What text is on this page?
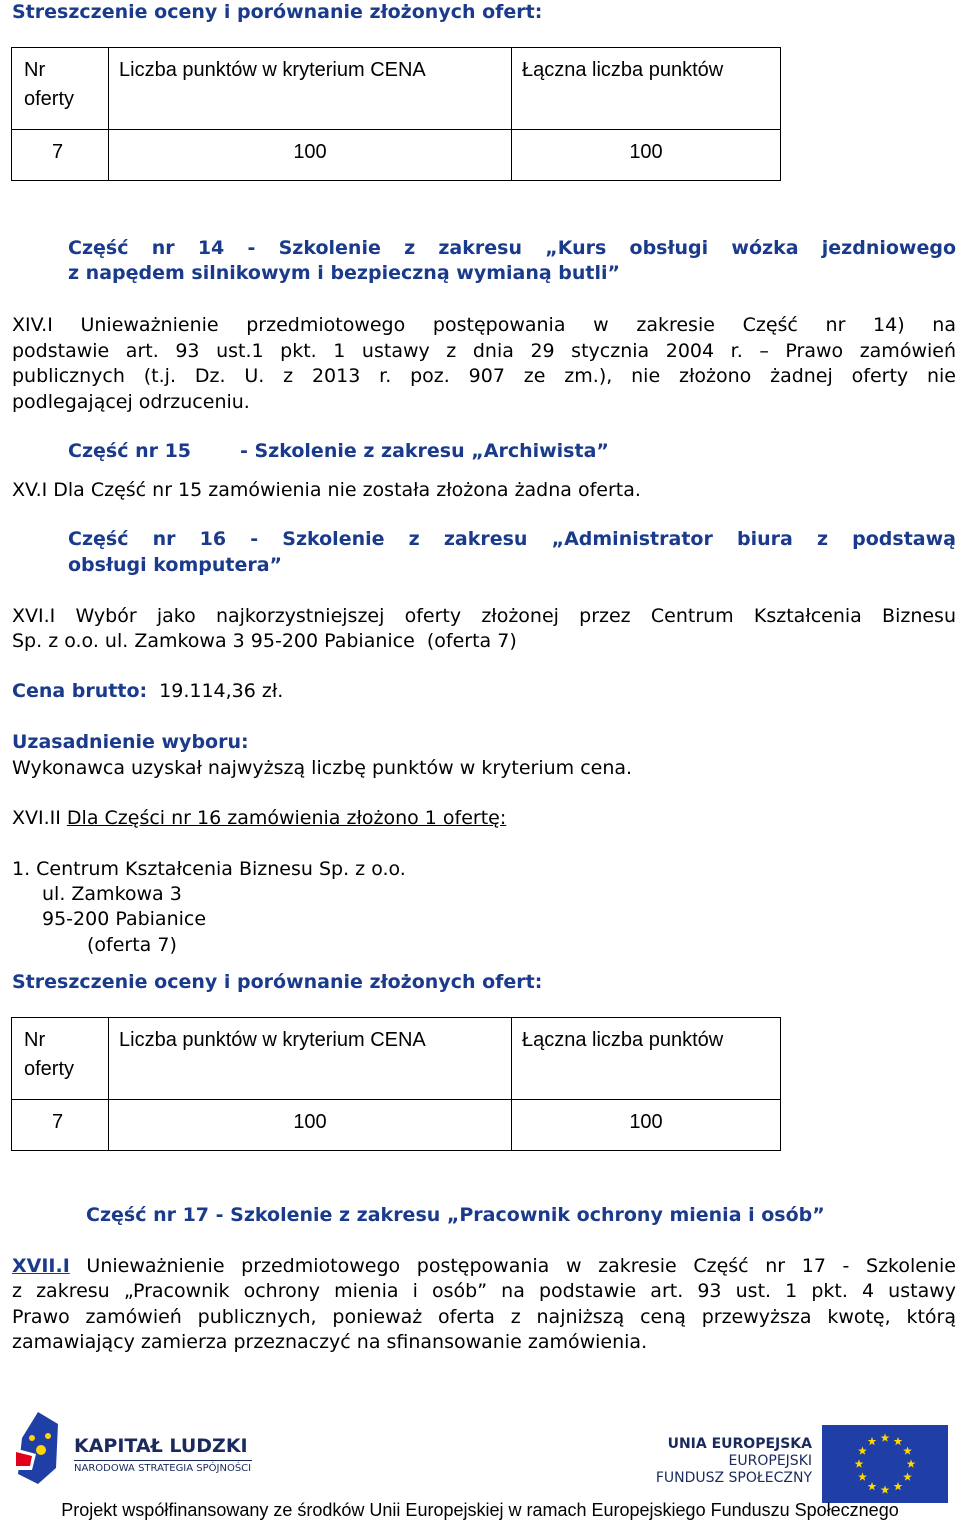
Streszczenie oceny i porównanie złożonych ofert:
Nr oferty	Liczba punktów w kryterium CENA	Łączna liczba punktów

7	100	100
Część nr 14 - Szkolenie z zakresu „Kurs obsługi wózka jezdniowego
z napędem silnikowym i bezpieczną wymianą butli”
XIV.I Unieważnienie przedmiotowego postępowania w zakresie Część nr 14) na
podstawie art. 93 ust.1 pkt. 1 ustawy z dnia 29 stycznia 2004 r. – Prawo zamówień
publicznych (t.j. Dz. U. z 2013 r. poz. 907 ze zm.), nie złożono żadnej oferty nie
podlegającej odrzuceniu.
Część nr 15	- Szkolenie z zakresu „Archiwista”
XV.I Dla Część nr 15 zamówienia nie została złożona żadna oferta.
Część nr 16 - Szkolenie z zakresu „Administrator biura z podstawą
obsługi komputera”
XVI.I Wybór jako najkorzystniejszej oferty złożonej przez Centrum Kształcenia Biznesu
Sp. z o.o. ul. Zamkowa 3 95-200 Pabianice  (oferta 7)
Cena brutto: 19.114,36 zł.
Uzasadnienie wyboru:
Wykonawca uzyskał najwyższą liczbę punktów w kryterium cena.
XVI.II Dla Części nr 16 zamówienia złożono 1 ofertę:
1. Centrum Kształcenia Biznesu Sp. z o.o.
ul. Zamkowa 3
95-200 Pabianice
(oferta 7)
Streszczenie oceny i porównanie złożonych ofert:
Nr oferty	Liczba punktów w kryterium CENA	Łączna liczba punktów

7	100	100
Część nr 17 - Szkolenie z zakresu „Pracownik ochrony mienia i osób”
XVII.I Unieważnienie przedmiotowego postępowania w zakresie Część nr 17 - Szkolenie
z zakresu „Pracownik ochrony mienia i osób” na podstawie art. 93 ust. 1 pkt. 4 ustawy
Prawo zamówień publicznych, ponieważ oferta z najniższą ceną przewyższa kwotę, którą
zamawiający zamierza przeznaczyć na sfinansowanie zamówienia.
KAPITAŁ LUDZKI
NARODOWA STRATEGIA SPÓJNOŚCI
UNIA EUROPEJSKA
EUROPEJSKI
FUNDUSZ SPOŁECZNY
Projekt współfinansowany ze środków Unii Europejskiej w ramach Europejskiego Funduszu Społecznego
